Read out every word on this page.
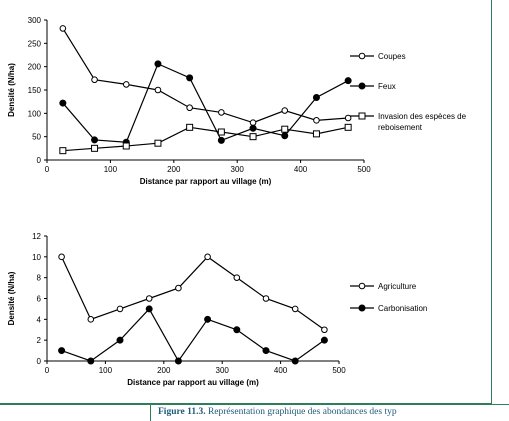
0
50
100
150
200
250
300
0	100	200	300	400	500
Distance par rapport au village (m)
Densité (N/ha)
Coupes
Feux
Invasion des espèces de
reboisement
0
2
4
6
8
10
12
0	100	200	300	400	500
Distance par rapport au village (m)
Densité (N/ha)	Agriculture
Carbonisation
Figure 11.3. Représentation graphique des abondances des typ
